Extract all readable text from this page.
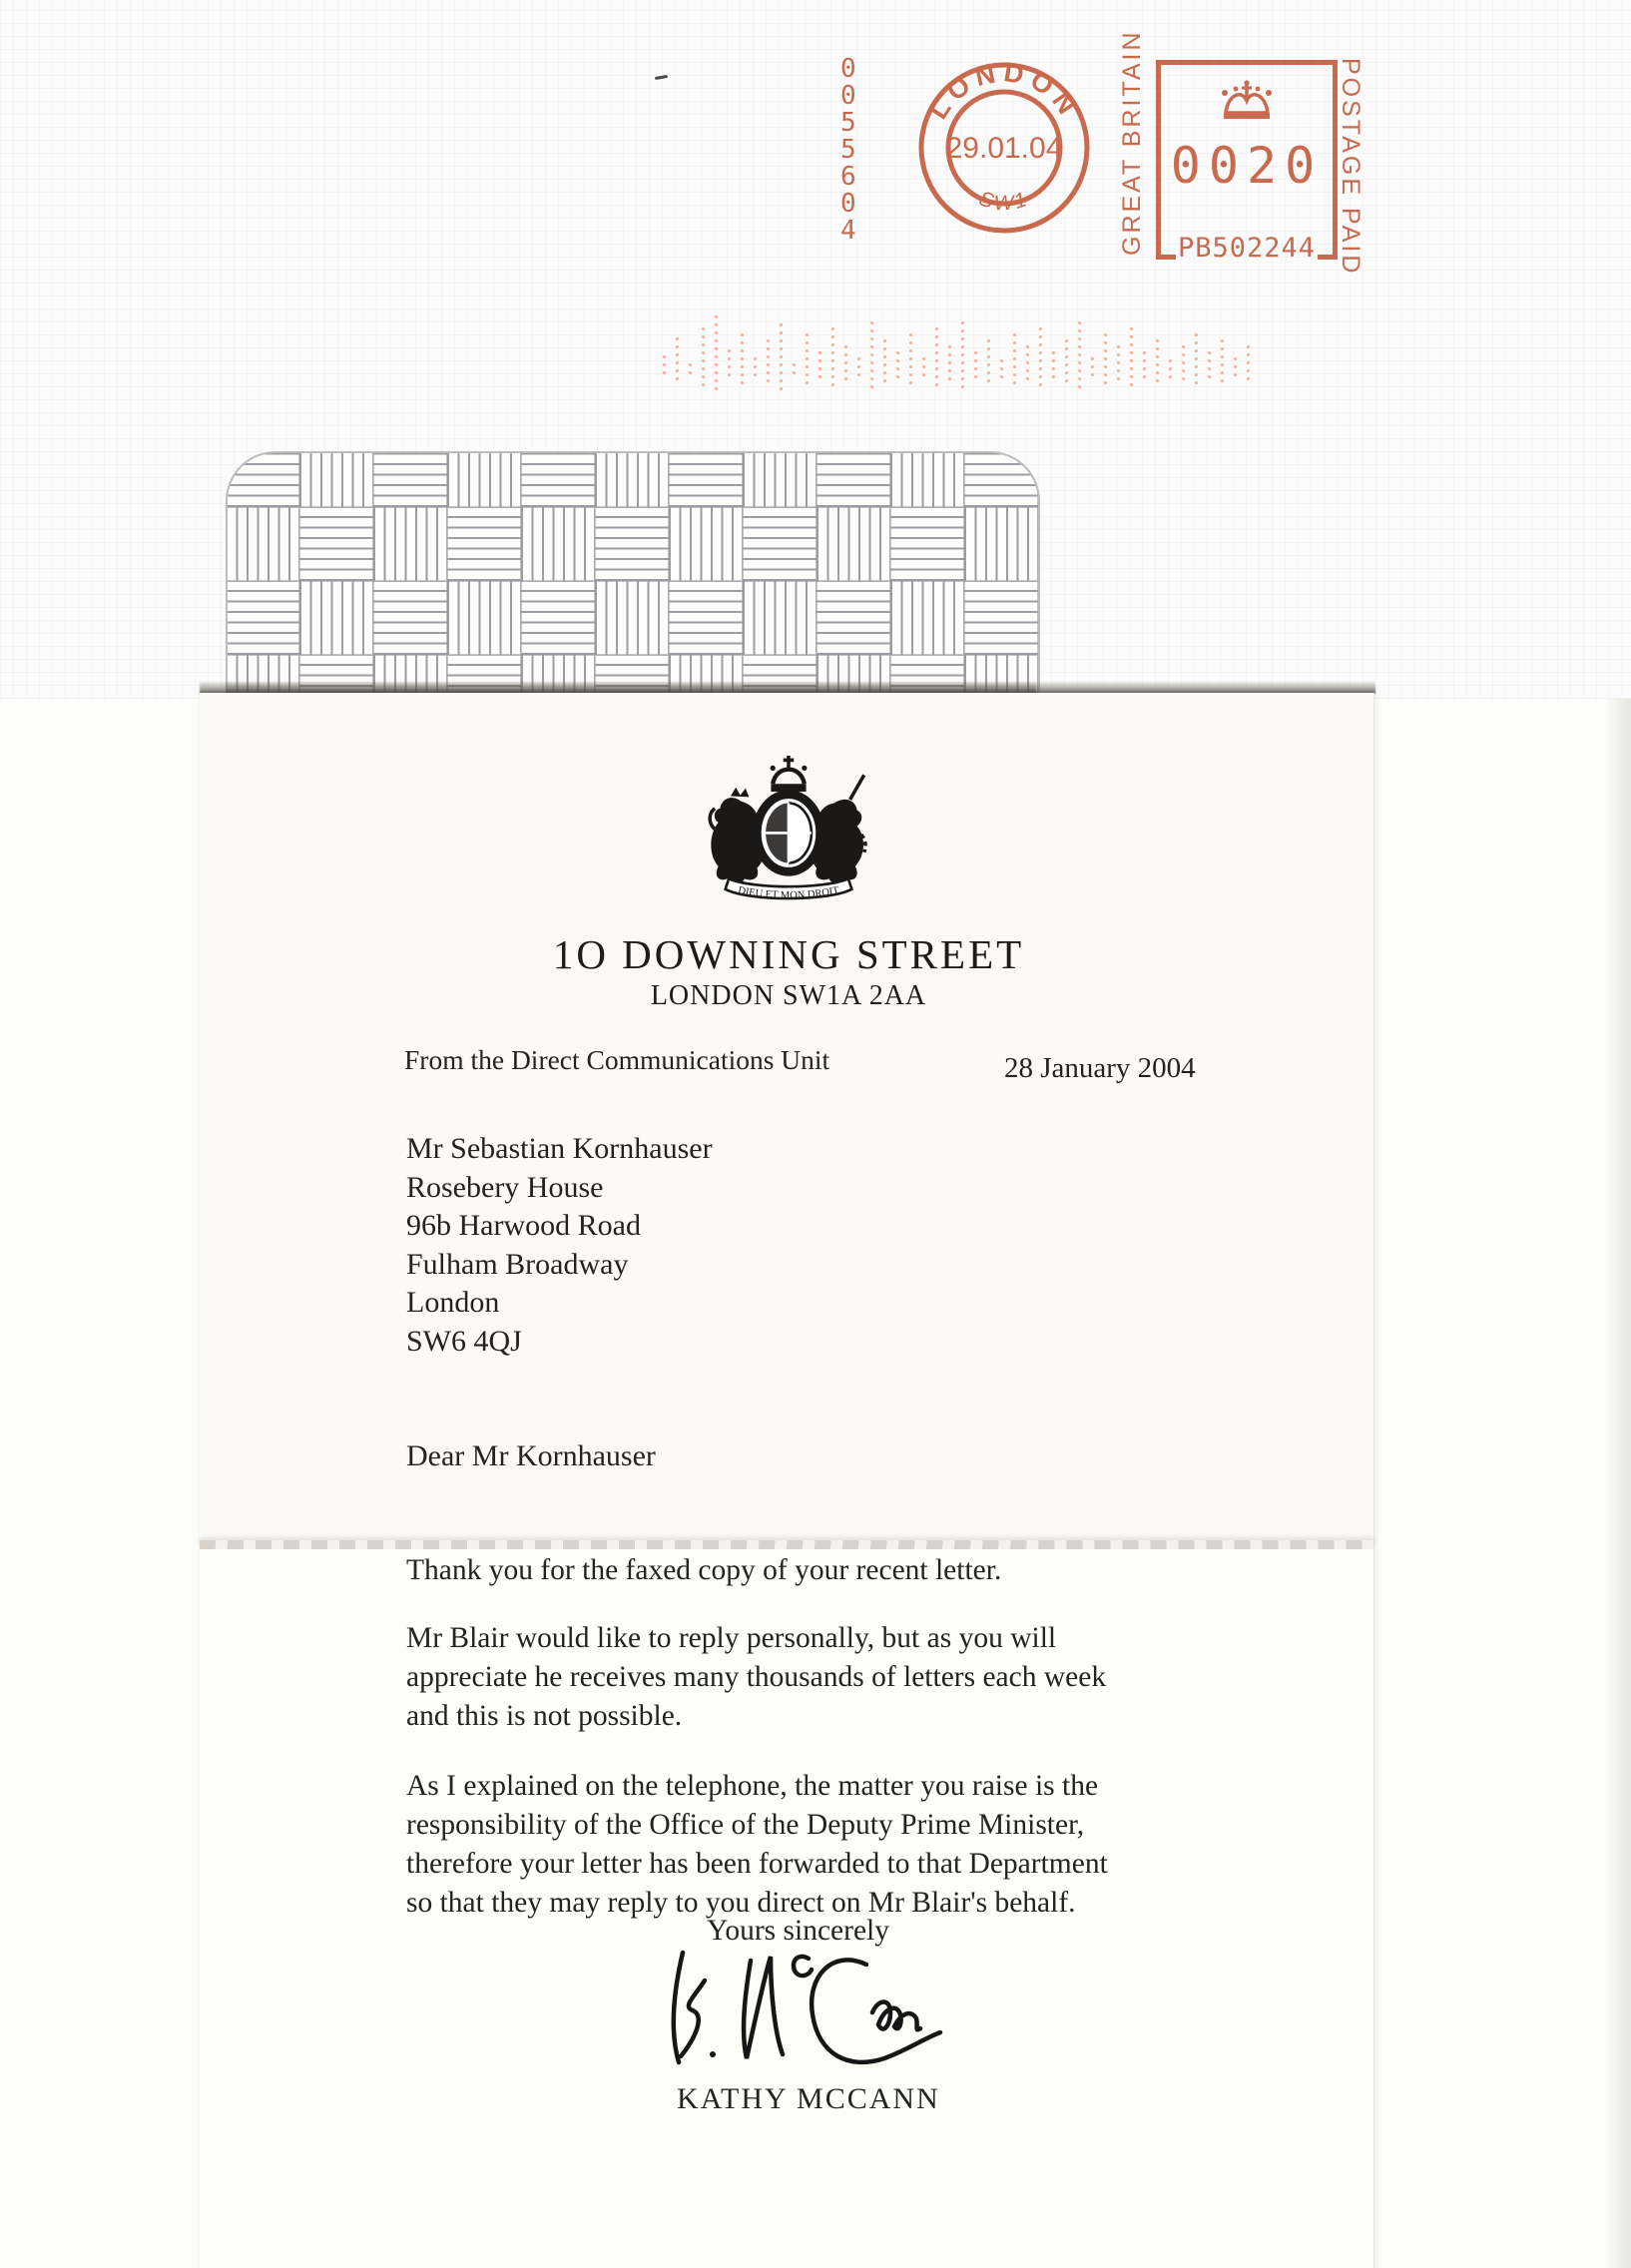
0055604
LONDON
SW1
29.01.04 GREAT BRITAIN 0020
PB502244 POSTAGE PAID
DIEU ET MON DROIT
1O DOWNING STREET
LONDON SW1A 2AA
From the Direct Communications Unit	28 January 2004
Mr Sebastian Kornhauser
Rosebery House
96b Harwood Road
Fulham Broadway
London
SW6 4QJ
Dear Mr Kornhauser
Thank you for the faxed copy of your recent letter.
Mr Blair would like to reply personally, but as you will
appreciate he receives many thousands of letters each week
and this is not possible.
As I explained on the telephone, the matter you raise is the
responsibility of the Office of the Deputy Prime Minister,
therefore your letter has been forwarded to that Department
so that they may reply to you direct on Mr Blair's behalf.
Yours sincerely
KATHY MCCANN
